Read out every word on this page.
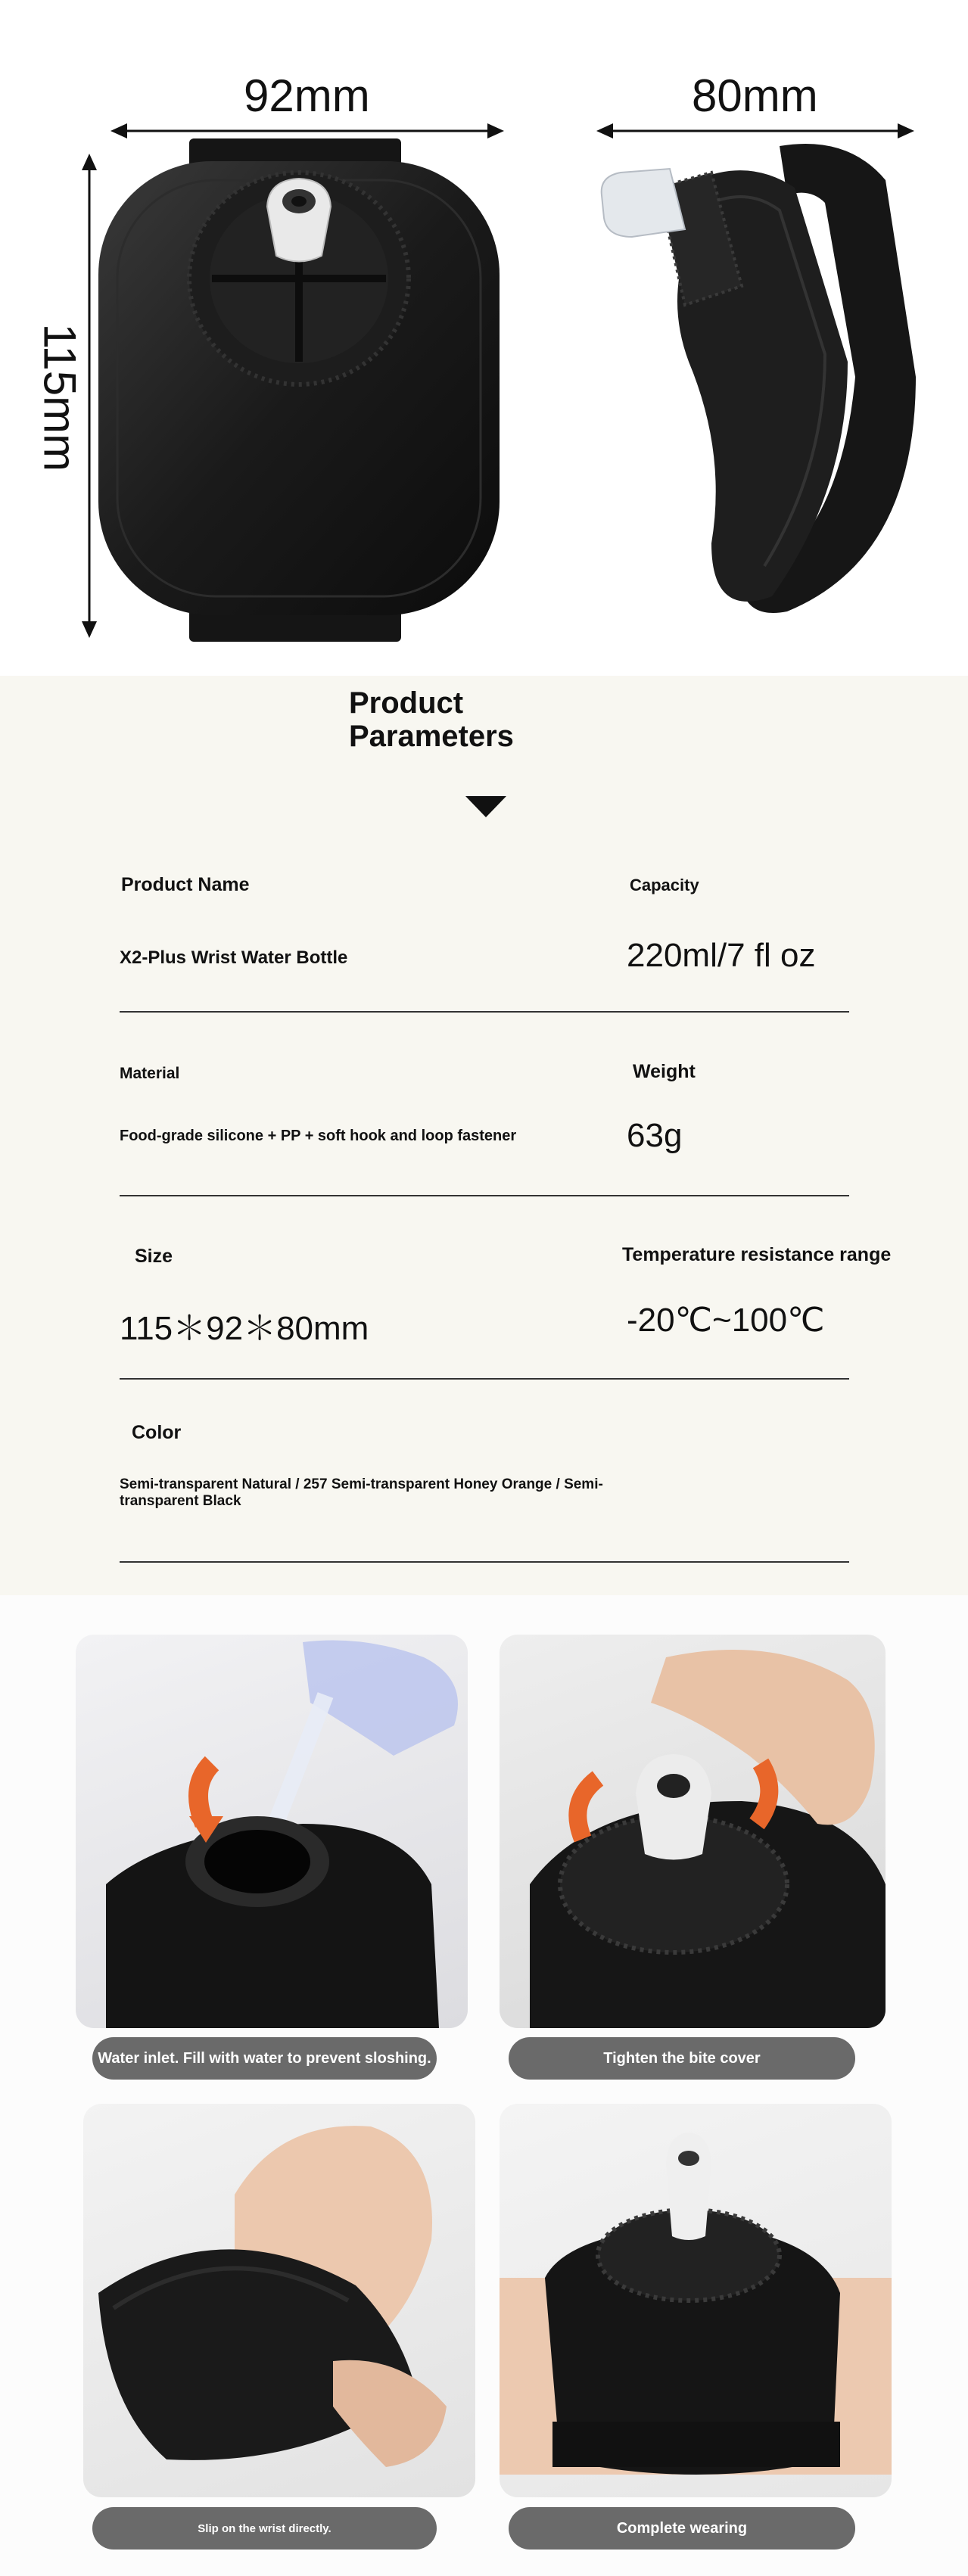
92mm	80mm
115mm
Product
Parameters
Product Name	Capacity
X2-Plus Wrist Water Bottle	220ml/7 fl oz
Material	Weight
Food-grade silicone + PP + soft hook and loop fastener	63g
Size	Temperature resistance range
115＊92＊80mm	-20℃~100℃
Color
Semi-transparent Natural / 257 Semi-transparent Honey Orange / Semi-transparent Black
Water inlet. Fill with water to prevent sloshing.	Tighten the bite cover
Slip on the wrist directly.	Complete wearing
